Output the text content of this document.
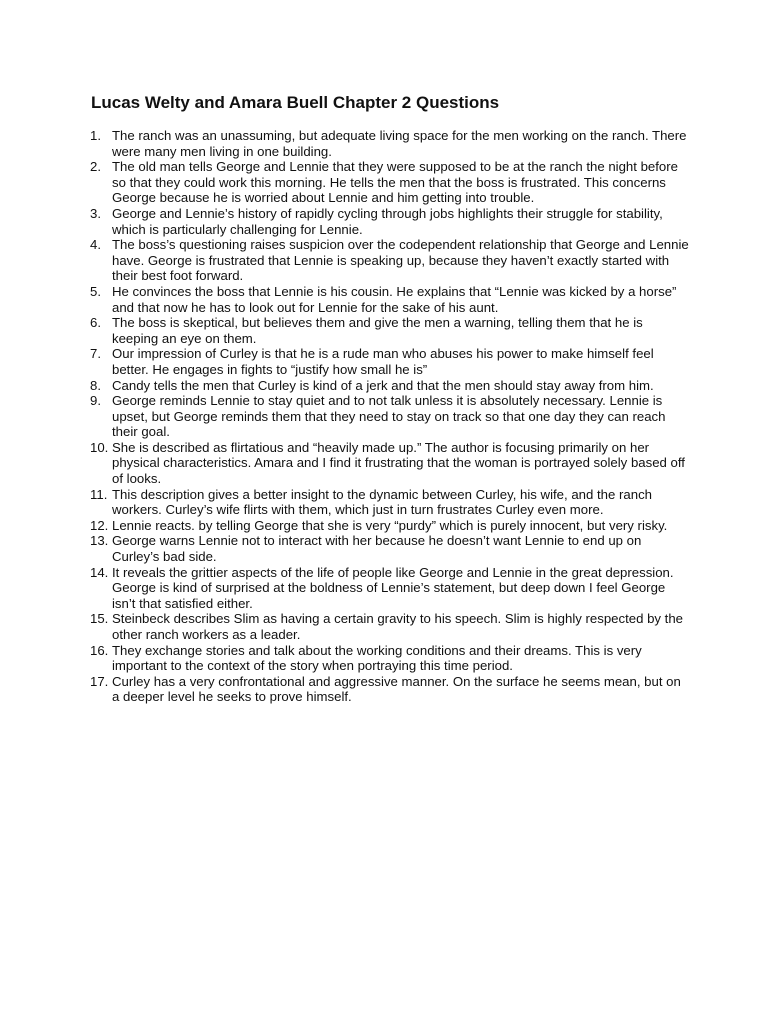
Lucas Welty and Amara Buell Chapter 2 Questions
1. The ranch was an unassuming, but adequate living space for the men working on the ranch. There were many men living in one building.
2. The old man tells George and Lennie that they were supposed to be at the ranch the night before so that they could work this morning. He tells the men that the boss is frustrated. This concerns George because he is worried about Lennie and him getting into trouble.
3. George and Lennie’s history of rapidly cycling through jobs highlights their struggle for stability, which is particularly challenging for Lennie.
4. The boss’s questioning raises suspicion over the codependent relationship that George and Lennie have. George is frustrated that Lennie is speaking up, because they haven’t exactly started with their best foot forward.
5. He convinces the boss that Lennie is his cousin. He explains that “Lennie was kicked by a horse” and that now he has to look out for Lennie for the sake of his aunt.
6. The boss is skeptical, but believes them and give the men a warning, telling them that he is keeping an eye on them.
7. Our impression of Curley is that he is a rude man who abuses his power to make himself feel better. He engages in fights to “justify how small he is”
8. Candy tells the men that Curley is kind of a jerk and that the men should stay away from him.
9. George reminds Lennie to stay quiet and to not talk unless it is absolutely necessary. Lennie is upset, but George reminds them that they need to stay on track so that one day they can reach their goal.
10. She is described as flirtatious and “heavily made up.” The author is focusing primarily on her physical characteristics. Amara and I find it frustrating that the woman is portrayed solely based off of looks.
11. This description gives a better insight to the dynamic between Curley, his wife, and the ranch workers. Curley’s wife flirts with them, which just in turn frustrates Curley even more.
12. Lennie reacts. by telling George that she is very “purdy” which is purely innocent, but very risky.
13. George warns Lennie not to interact with her because he doesn’t want Lennie to end up on Curley’s bad side.
14. It reveals the grittier aspects of the life of people like George and Lennie in the great depression. George is kind of surprised at the boldness of Lennie’s statement, but deep down I feel George isn’t that satisfied either.
15. Steinbeck describes Slim as having a certain gravity to his speech. Slim is highly respected by the other ranch workers as a leader.
16. They exchange stories and talk about the working conditions and their dreams. This is very important to the context of the story when portraying this time period.
17. Curley has a very confrontational and aggressive manner. On the surface he seems mean, but on a deeper level he seeks to prove himself.
